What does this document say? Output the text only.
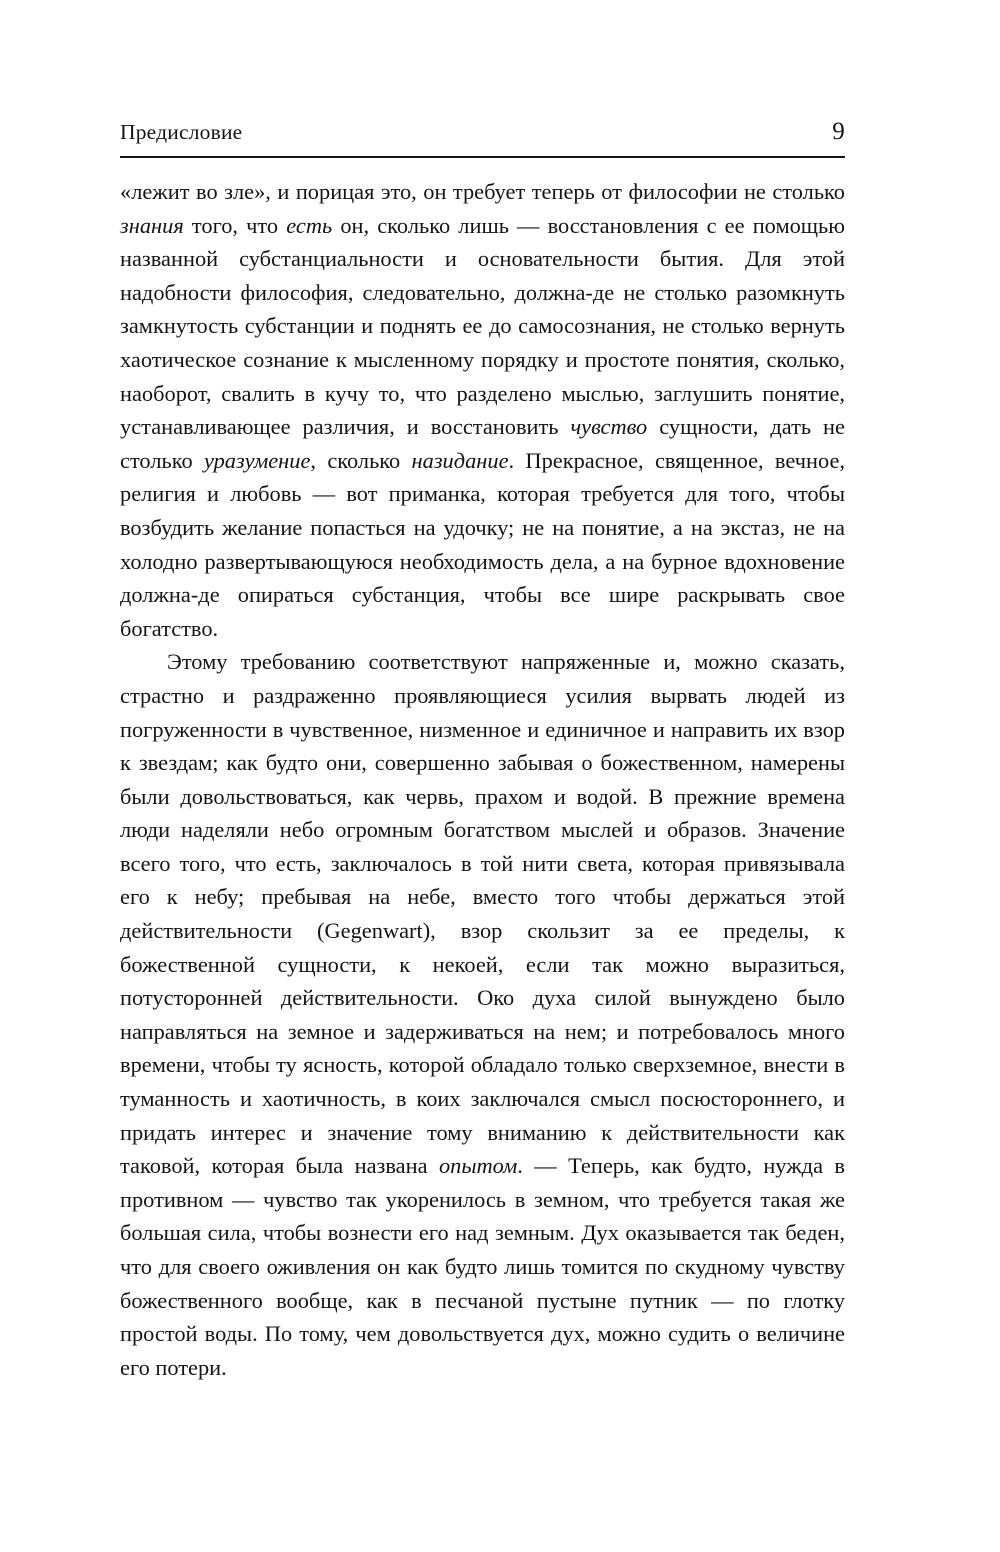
Предисловие	9

«лежит во зле», и порицая это, он требует теперь от философии не столько знания того, что есть он, сколько лишь — восстановления с ее помощью названной субстанциальности и основательности бытия. Для этой надобности философия, следовательно, должна-де не столько разомкнуть замкнутость субстанции и поднять ее до самосознания, не столько вернуть хаотическое сознание к мысленному порядку и простоте понятия, сколько, наоборот, свалить в кучу то, что разделено мыслью, заглушить понятие, устанавливающее различия, и восстановить чувство сущности, дать не столько уразумение, сколько назидание. Прекрасное, священное, вечное, религия и любовь — вот приманка, которая требуется для того, чтобы возбудить желание попасться на удочку; не на понятие, а на экстаз, не на холодно развертывающуюся необходимость дела, а на бурное вдохновение должна-де опираться субстанция, чтобы все шире раскрывать свое богатство.

Этому требованию соответствуют напряженные и, можно сказать, страстно и раздраженно проявляющиеся усилия вырвать людей из погруженности в чувственное, низменное и единичное и направить их взор к звездам; как будто они, совершенно забывая о божественном, намерены были довольствоваться, как червь, прахом и водой. В прежние времена люди наделяли небо огромным богатством мыслей и образов. Значение всего того, что есть, заключалось в той нити света, которая привязывала его к небу; пребывая на небе, вместо того чтобы держаться этой действительности (Gegenwart), взор скользит за ее пределы, к божественной сущности, к некоей, если так можно выразиться, потусторонней действительности. Око духа силой вынуждено было направляться на земное и задерживаться на нем; и потребовалось много времени, чтобы ту ясность, которой обладало только сверхземное, внести в туманность и хаотичность, в коих заключался смысл посюстороннего, и придать интерес и значение тому вниманию к действительности как таковой, которая была названа опытом. — Теперь, как будто, нужда в противном — чувство так укоренилось в земном, что требуется такая же большая сила, чтобы вознести его над земным. Дух оказывается так беден, что для своего оживления он как будто лишь томится по скудному чувству божественного вообще, как в песчаной пустыне путник — по глотку простой воды. По тому, чем довольствуется дух, можно судить о величине его потери.
